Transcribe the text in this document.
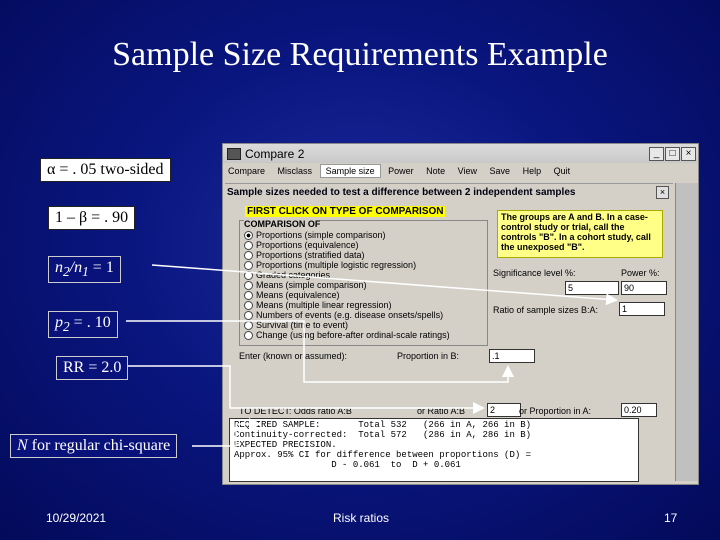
Sample Size Requirements Example
α = . 05 two-sided
1 – β = . 90
$n_2/n_1 = 1$
$p_2$ = . 10
RR = 2.0
N for regular chi-square
Compare 2	_	□	×
Compare Misclass Sample size Power Note View Save Help Quit
Sample sizes needed to test a difference between 2 independent samples	×
FIRST CLICK ON TYPE OF COMPARISON
COMPARISON OF
Proportions (simple comparison)
Proportions (equivalence)
Proportions (stratified data)
Proportions (multiple logistic regression)
Graded categories
Means (simple comparison)
Means (equivalence)
Means (multiple linear regression)
Numbers of events (e.g. disease onsets/spells)
Survival (time to event)
Change (using before-after ordinal-scale ratings)
The groups are A and B. In a case-control study or trial, call the controls "B". In a cohort study, call the unexposed "B".
Significance level %:	Power %:
5	90
Ratio of sample sizes B:A:	1
Enter (known or assumed):	Proportion in B:	.1
TO DETECT: Odds ratio A:B	or Ratio A:B	2	or Proportion in A:	0.20
REQUIRED SAMPLE:       Total 532   (266 in A, 266 in B)
Continuity-corrected:  Total 572   (286 in A, 286 in B)
EXPECTED PRECISION.
Approx. 95% CI for difference between proportions (D) =
D - 0.061  to  D + 0.061
10/29/2021	Risk ratios	17
